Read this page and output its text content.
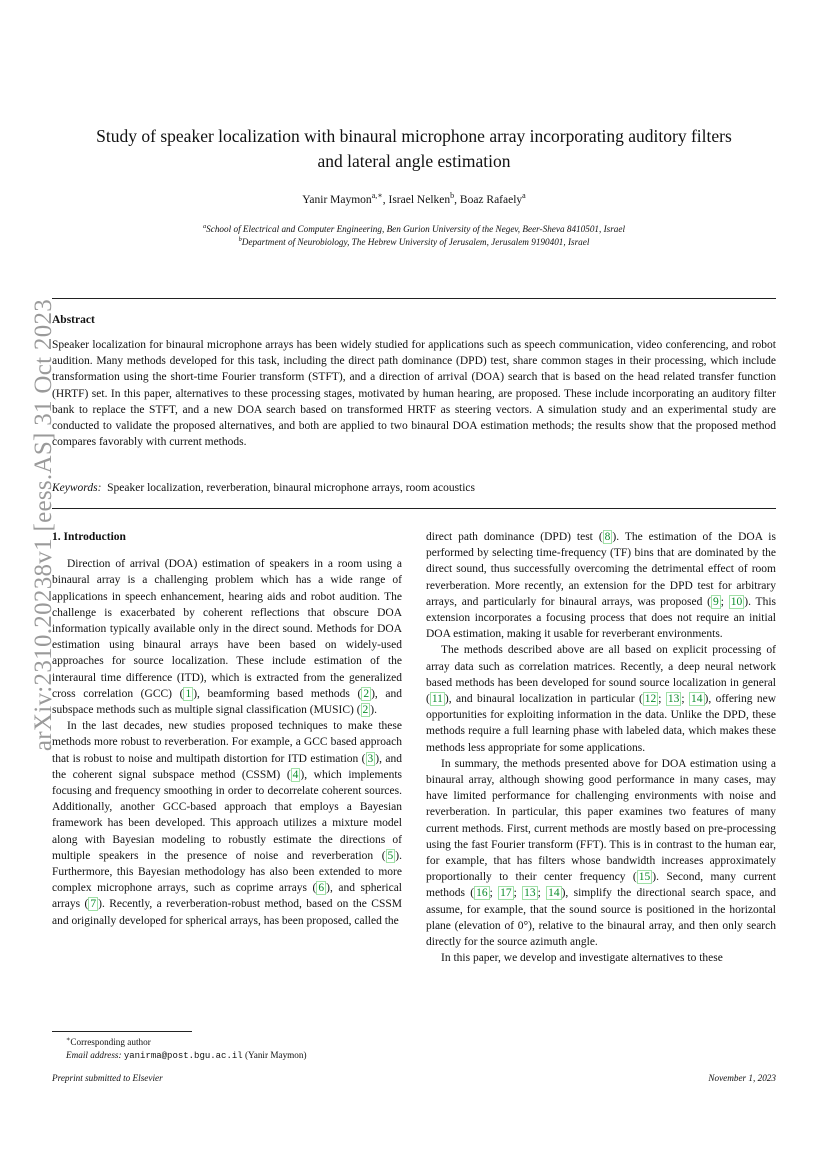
arXiv:2310.20238v1 [eess.AS] 31 Oct 2023
Study of speaker localization with binaural microphone array incorporating auditory filters
and lateral angle estimation
Yanir Maymon$^{a,∗}$, Israel Nelken$^b$, Boaz Rafaely$^a$
$^a$School of Electrical and Computer Engineering, Ben Gurion University of the Negev, Beer-Sheva 8410501, Israel
$^b$Department of Neurobiology, The Hebrew University of Jerusalem, Jerusalem 9190401, Israel
Abstract
Speaker localization for binaural microphone arrays has been widely studied for applications such as speech communication, video conferencing, and robot audition. Many methods developed for this task, including the direct path dominance (DPD) test, share common stages in their processing, which include transformation using the short-time Fourier transform (STFT), and a direction of arrival (DOA) search that is based on the head related transfer function (HRTF) set. In this paper, alternatives to these processing stages, motivated by human hearing, are proposed. These include incorporating an auditory filter bank to replace the STFT, and a new DOA search based on transformed HRTF as steering vectors. A simulation study and an experimental study are conducted to validate the proposed alternatives, and both are applied to two binaural DOA estimation methods; the results show that the proposed method compares favorably with current methods.
Keywords: Speaker localization, reverberation, binaural microphone arrays, room acoustics
1. Introduction

Direction of arrival (DOA) estimation of speakers in a room using a binaural array is a challenging problem which has a wide range of applications in speech enhancement, hearing aids and robot audition. The challenge is exacerbated by coherent reflections that obscure DOA information typically available only in the direct sound. Methods for DOA estimation using binaural arrays have been based on widely-used approaches for source localization. These include estimation of the interaural time difference (ITD), which is extracted from the generalized cross correlation (GCC) ( 1 ), beamforming based methods ( 2 ), and subspace methods such as multiple signal classification (MUSIC) ( 2 ).

In the last decades, new studies proposed techniques to make these methods more robust to reverberation. For example, a GCC based approach that is robust to noise and multipath distortion for ITD estimation ( 3 ), and the coherent signal subspace method (CSSM) ( 4 ), which implements focusing and frequency smoothing in order to decorrelate coherent sources. Additionally, another GCC-based approach that employs a Bayesian framework has been developed. This approach utilizes a mixture model along with Bayesian modeling to robustly estimate the directions of multiple speakers in the presence of noise and reverberation ( 5 ). Furthermore, this Bayesian methodology has also been extended to more complex microphone arrays, such as coprime arrays ( 6 ), and spherical arrays ( 7 ). Recently, a reverberation-robust method, based on the CSSM and originally developed for spherical arrays, has been proposed, called the

direct path dominance (DPD) test ( 8 ). The estimation of the DOA is performed by selecting time-frequency (TF) bins that are dominated by the direct sound, thus successfully overcoming the detrimental effect of room reverberation. More recently, an extension for the DPD test for arbitrary arrays, and particularly for binaural arrays, was proposed ( 9 ; 10 ). This extension incorporates a focusing process that does not require an initial DOA estimation, making it usable for reverberant environments.

The methods described above are all based on explicit processing of array data such as correlation matrices. Recently, a deep neural network based methods has been developed for sound source localization in general ( 11 ), and binaural localization in particular ( 12 ; 13 ; 14 ), offering new opportunities for exploiting information in the data. Unlike the DPD, these methods require a full learning phase with labeled data, which makes these methods less appropriate for some applications.

In summary, the methods presented above for DOA estimation using a binaural array, although showing good performance in many cases, may have limited performance for challenging environments with noise and reverberation. In particular, this paper examines two features of many current methods. First, current methods are mostly based on pre-processing using the fast Fourier transform (FFT). This is in contrast to the human ear, for example, that has filters whose bandwidth increases approximately proportionally to their center frequency ( 15 ). Second, many current methods ( 16 ; 17 ; 13 ; 14 ), simplify the directional search space, and assume, for example, that the sound source is positioned in the horizontal plane (elevation of 0°), relative to the binaural array, and then only search directly for the source azimuth angle.

In this paper, we develop and investigate alternatives to these

∗Corresponding author
Email address: yanirma@post.bgu.ac.il (Yanir Maymon)
Preprint submitted to Elsevier	November 1, 2023
